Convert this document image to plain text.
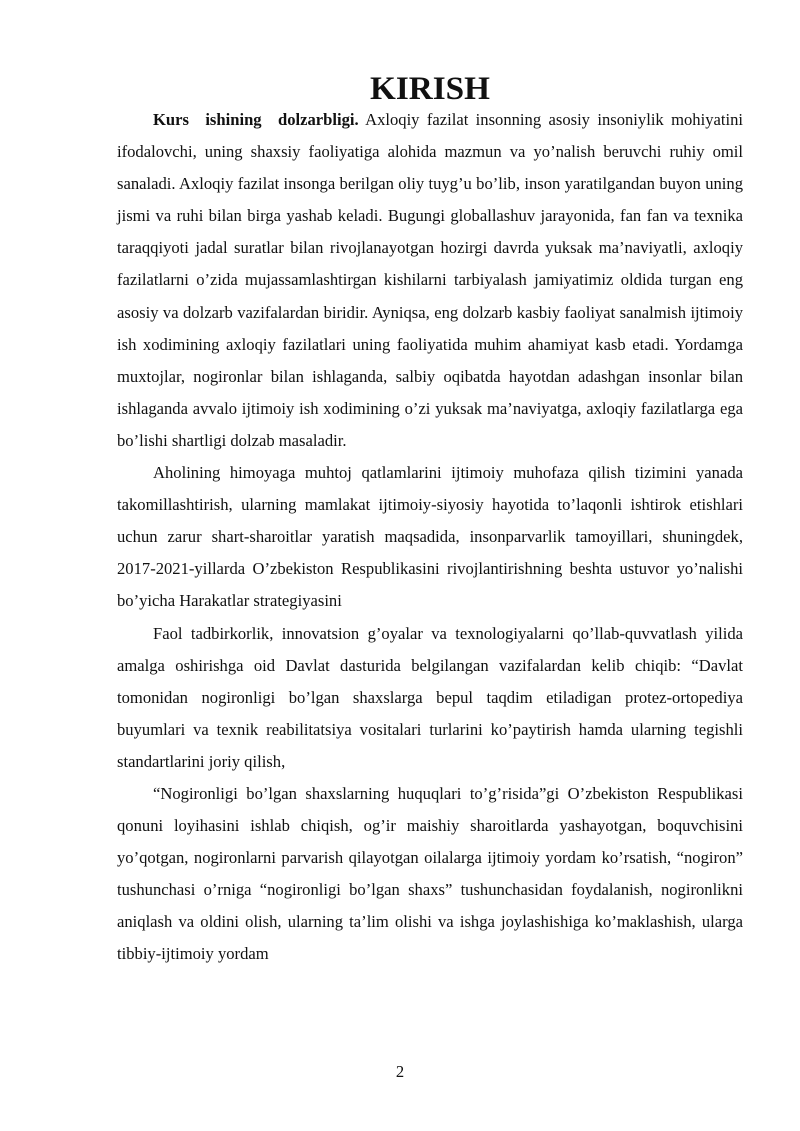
KIRISH

Kurs ishining dolzarbligi. Axloqiy fazilat insonning asosiy insoniylik mohiyatini ifodalovchi, uning shaxsiy faoliyatiga alohida mazmun va yo’nalish beruvchi ruhiy omil sanaladi. Axloqiy fazilat insonga berilgan oliy tuyg’u bo’lib, inson yaratilgandan buyon uning jismi va ruhi bilan birga yashab keladi. Bugungi globallashuv jarayonida, fan fan va texnika taraqqiyoti jadal suratlar bilan rivojlanayotgan hozirgi davrda yuksak ma’naviyatli, axloqiy fazilatlarni o’zida mujassamlashtirgan kishilarni tarbiyalash jamiyatimiz oldida turgan eng asosiy va dolzarb vazifalardan biridir. Ayniqsa, eng dolzarb kasbiy faoliyat sanalmish ijtimoiy ish xodimining axloqiy fazilatlari uning faoliyatida muhim ahamiyat kasb etadi. Yordamga muxtojlar, nogironlar bilan ishlaganda, salbiy oqibatda hayotdan adashgan insonlar bilan ishlaganda avvalo ijtimoiy ish xodimining o’zi yuksak ma’naviyatga, axloqiy fazilatlarga ega bo’lishi shartligi dolzab masaladir.

Aholining himoyaga muhtoj qatlamlarini ijtimoiy muhofaza qilish tizimini yanada takomillashtirish, ularning mamlakat ijtimoiy-siyosiy hayotida to’laqonli ishtirok etishlari uchun zarur shart-sharoitlar yaratish maqsadida, insonparvarlik tamoyillari, shuningdek, 2017-2021-yillarda O’zbekiston Respublikasini rivojlantirishning beshta ustuvor yo’nalishi bo’yicha Harakatlar strategiyasini

Faol tadbirkorlik, innovatsion g’oyalar va texnologiyalarni qo’llab-quvvatlash yilida amalga oshirishga oid Davlat dasturida belgilangan vazifalardan kelib chiqib: “Davlat tomonidan nogironligi bo’lgan shaxslarga bepul taqdim etiladigan protez-ortopediya buyumlari va texnik reabilitatsiya vositalari turlarini ko’paytirish hamda ularning tegishli standartlarini joriy qilish,

“Nogironligi bo’lgan shaxslarning huquqlari to’g’risida”gi O’zbekiston Respublikasi qonuni loyihasini ishlab chiqish, og’ir maishiy sharoitlarda yashayotgan, boquvchisini yo’qotgan, nogironlarni parvarish qilayotgan oilalarga ijtimoiy yordam ko’rsatish, “nogiron” tushunchasi o’rniga “nogironligi bo’lgan shaxs” tushunchasidan foydalanish, nogironlikni aniqlash va oldini olish, ularning ta’lim olishi va ishga joylashishiga ko’maklashish, ularga tibbiy-ijtimoiy yordam

2
